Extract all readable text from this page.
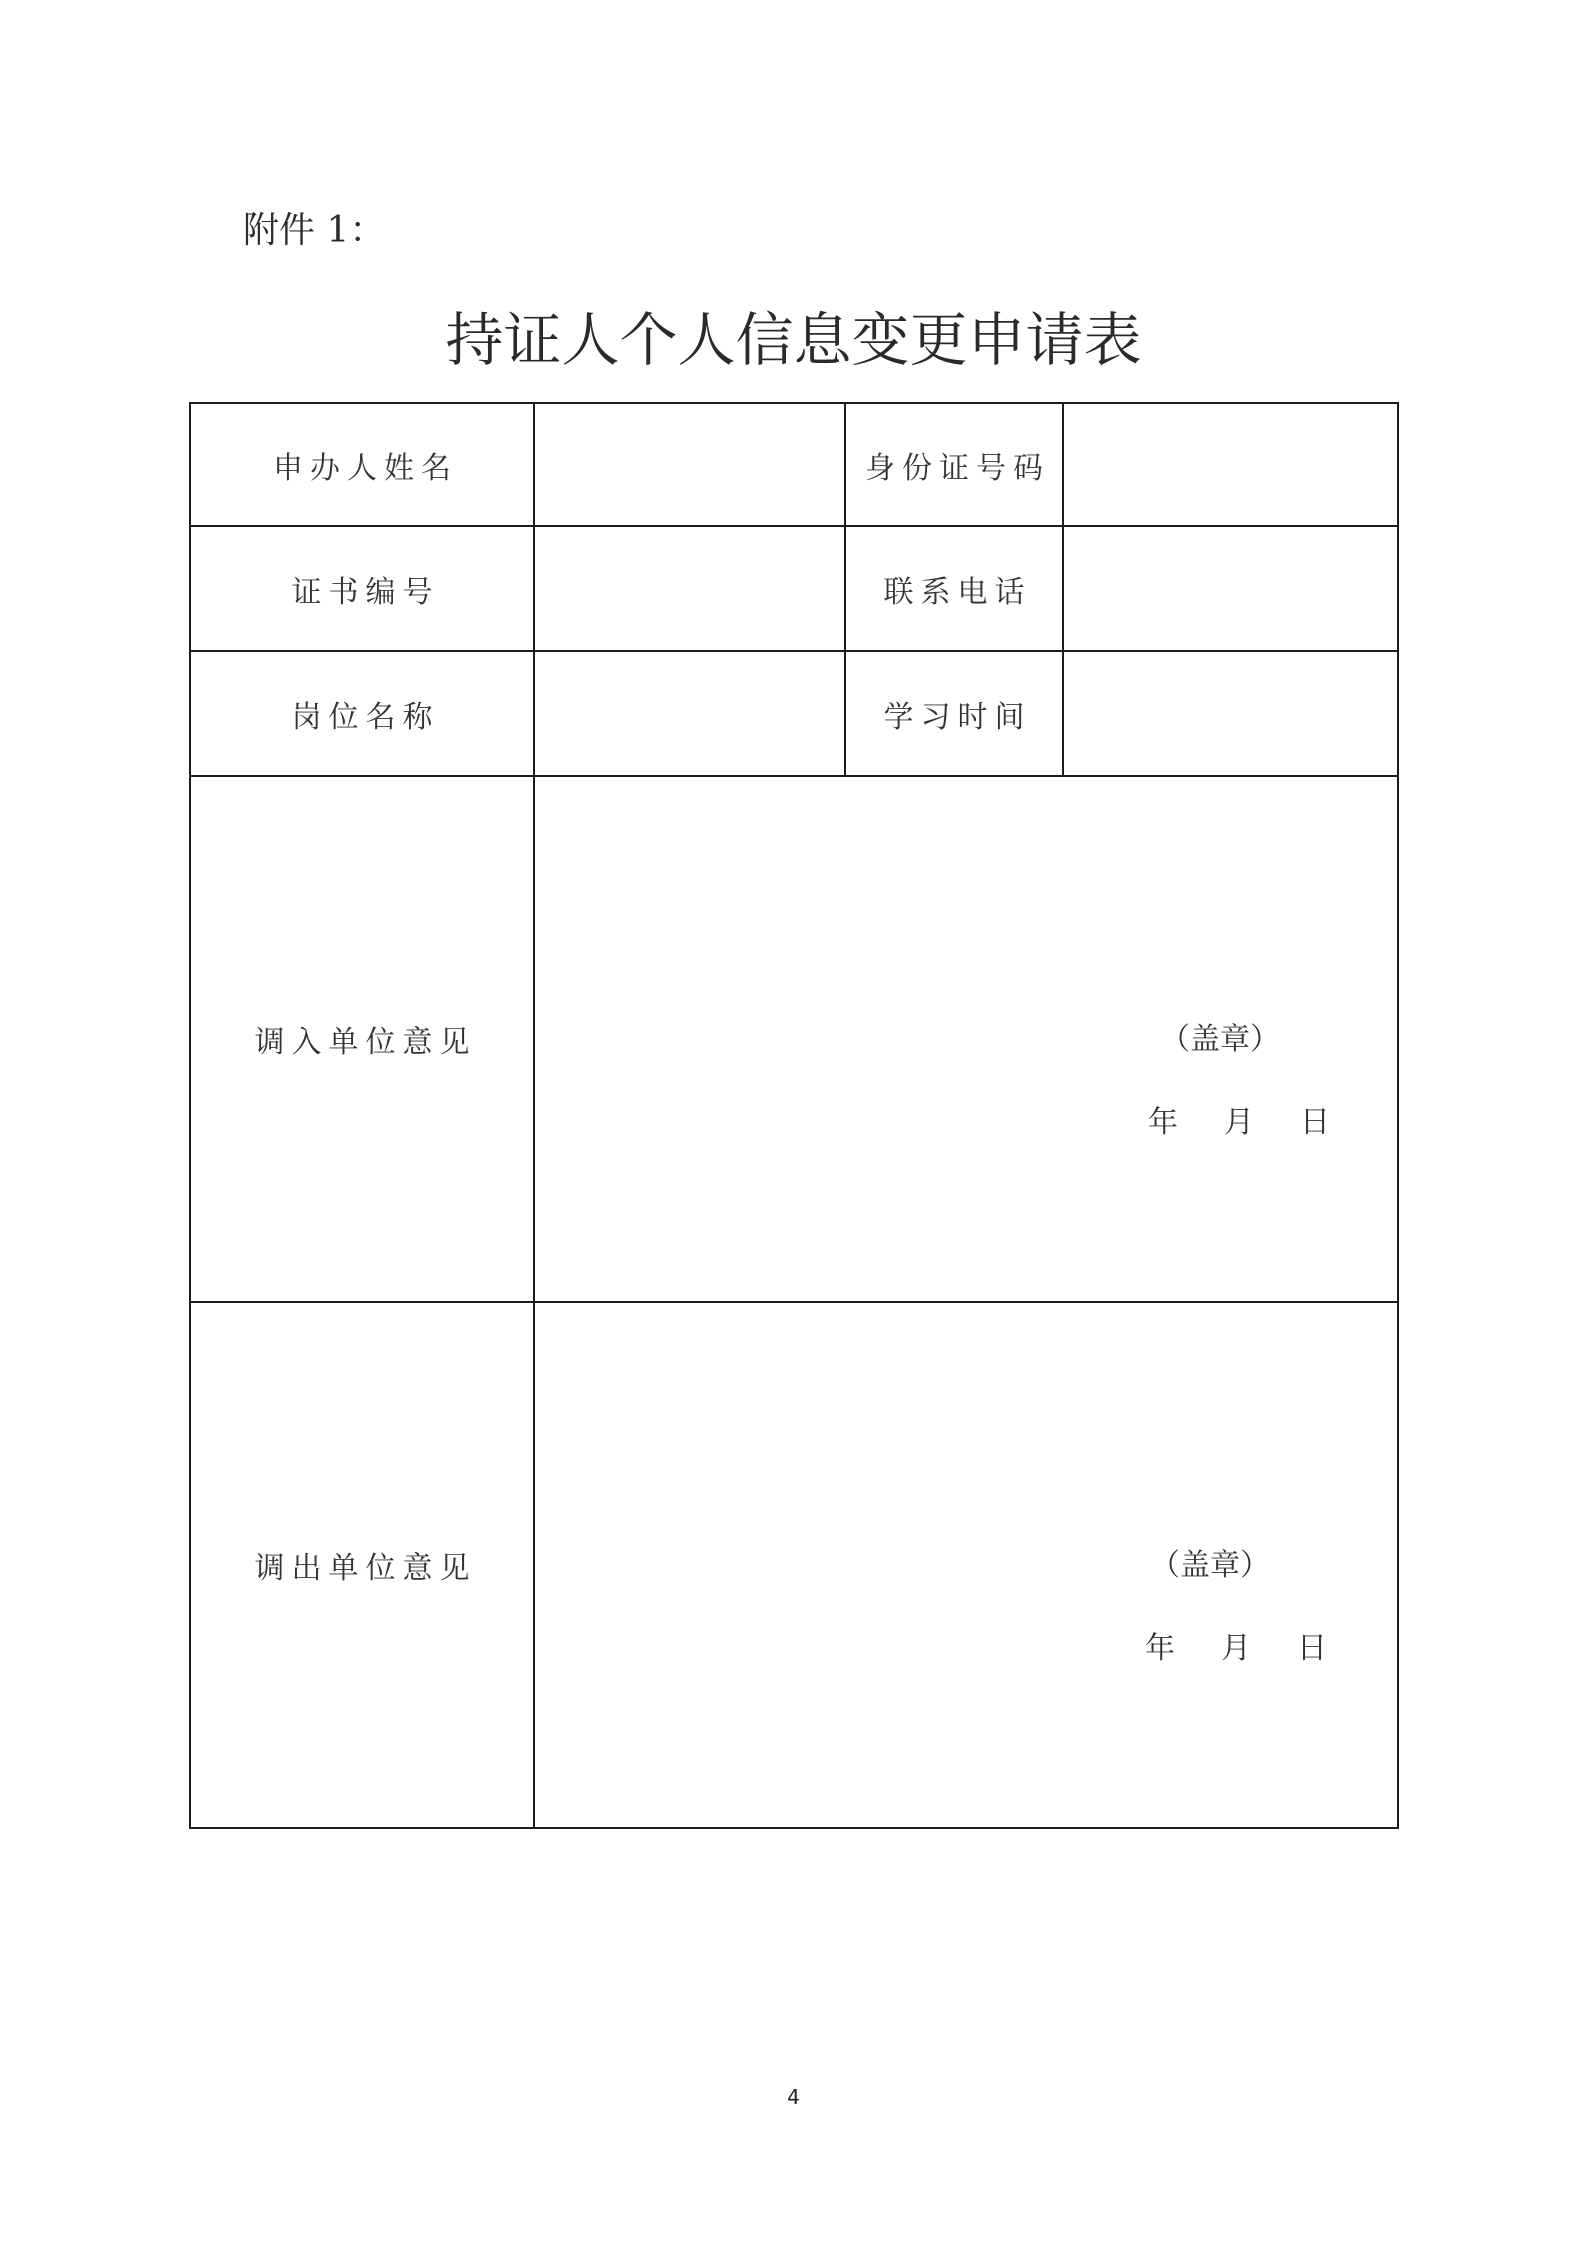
附件 1：
持证人个人信息变更申请表
申办人姓名		身份证号码	
证书编号		联系电话	
岗位名称		学习时间	
调入单位意见	（盖章）
年 月 日		

调出单位意见	（盖章）
年 月 日		
4
